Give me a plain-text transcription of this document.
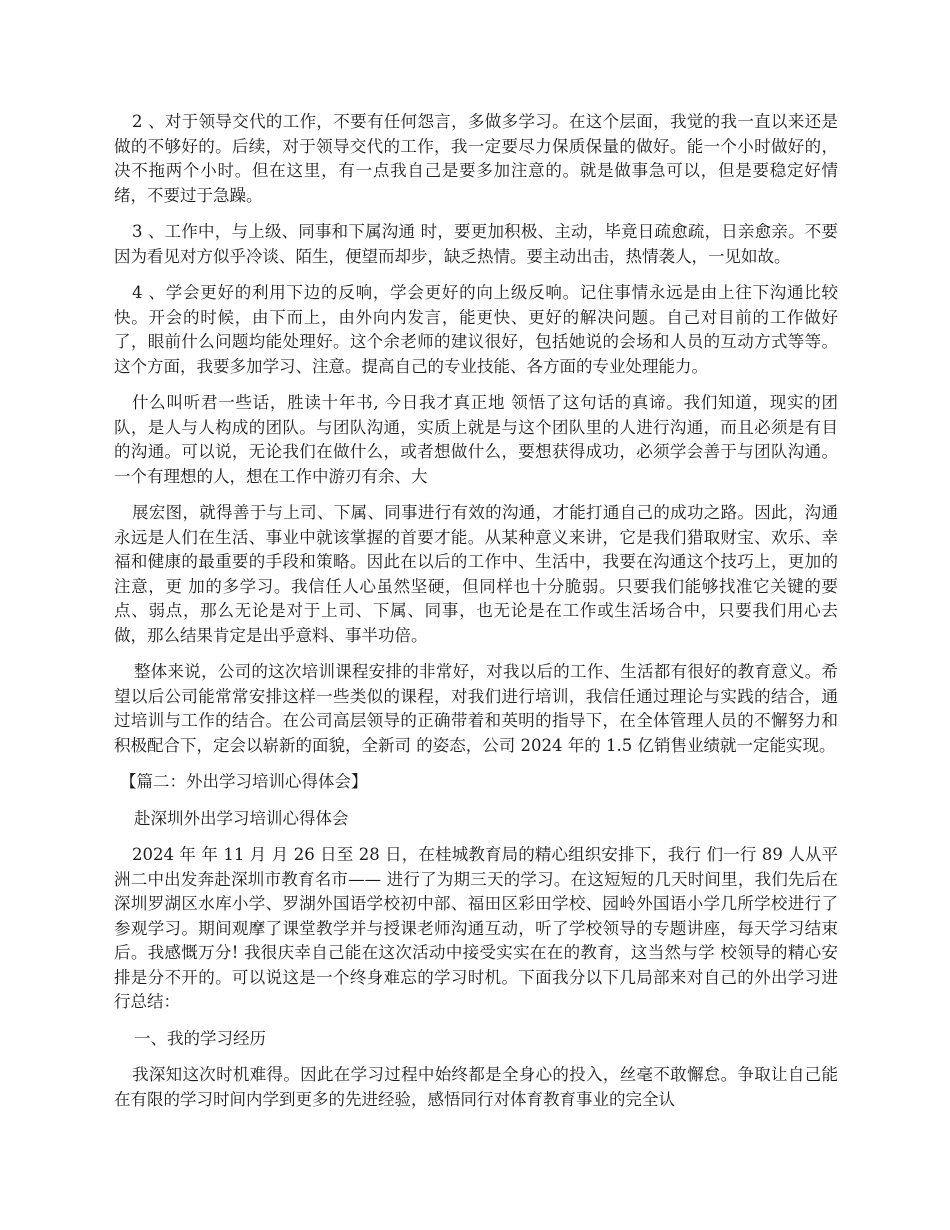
2 、对于领导交代的工作，不要有任何怨言，多做多学习。在这个层面，我觉的我一直以来还是做的不够好的。后续，对于领导交代的工作，我一定要尽力保质保量的做好。能一个小时做好的，决不拖两个小时。但在这里，有一点我自己是要多加注意的。就是做事急可以，但是要稳定好情绪，不要过于急躁。

3 、工作中，与上级、同事和下属沟通 时，要更加积极、主动，毕竟日疏愈疏，日亲愈亲。不要因为看见对方似乎冷谈、陌生，便望而却步，缺乏热情。要主动出击，热情袭人，一见如故。

4 、学会更好的利用下边的反响，学会更好的向上级反响。记住事情永远是由上往下沟通比较快。开会的时候，由下而上，由外向内发言，能更快、更好的解决问题。自己对目前的工作做好了，眼前什么问题均能处理好。这个余老师的建议很好，包括她说的会场和人员的互动方式等等。这个方面，我要多加学习、注意。提高自己的专业技能、各方面的专业处理能力。

什么叫听君一些话，胜读十年书, 今日我才真正地 领悟了这句话的真谛。我们知道，现实的团队，是人与人构成的团队。与团队沟通，实质上就是与这个团队里的人进行沟通，而且必须是有目的沟通。可以说，无论我们在做什么，或者想做什么，要想获得成功，必须学会善于与团队沟通。一个有理想的人，想在工作中游刃有余、大

展宏图，就得善于与上司、下属、同事进行有效的沟通，才能打通自己的成功之路。因此，沟通永远是人们在生活、事业中就该掌握的首要才能。从某种意义来讲，它是我们猎取财宝、欢乐、幸福和健康的最重要的手段和策略。因此在以后的工作中、生活中，我要在沟通这个技巧上，更加的注意，更 加的多学习。我信任人心虽然坚硬，但同样也十分脆弱。只要我们能够找准它关键的要点、弱点，那么无论是对于上司、下属、同事，也无论是在工作或生活场合中，只要我们用心去做，那么结果肯定是出乎意料、事半功倍。

整体来说，公司的这次培训课程安排的非常好，对我以后的工作、生活都有很好的教育意义。希望以后公司能常常安排这样一些类似的课程，对我们进行培训，我信任通过理论与实践的结合，通过培训与工作的结合。在公司高层领导的正确带着和英明的指导下，在全体管理人员的不懈努力和积极配合下，定会以崭新的面貌，全新司 的姿态，公司 2024 年的 1.5 亿销售业绩就一定能实现。

【篇二：外出学习培训心得体会】

赴深圳外出学习培训心得体会

2024 年 年 11 月 月 26 日至 28 日，在桂城教育局的精心组织安排下，我行 们一行 89 人从平洲二中出发奔赴深圳市教育名市—— 进行了为期三天的学习。在这短短的几天时间里，我们先后在深圳罗湖区水库小学、罗湖外国语学校初中部、福田区彩田学校、园岭外国语小学几所学校进行了参观学习。期间观摩了课堂教学并与授课老师沟通互动，听了学校领导的专题讲座，每天学习结束后。我感慨万分! 我很庆幸自己能在这次活动中接受实实在在的教育，这当然与学 校领导的精心安排是分不开的。可以说这是一个终身难忘的学习时机。下面我分以下几局部来对自己的外出学习进行总结：

一、我的学习经历

我深知这次时机难得。因此在学习过程中始终都是全身心的投入，丝毫不敢懈怠。争取让自己能在有限的学习时间内学到更多的先进经验，感悟同行对体育教育事业的完全认
